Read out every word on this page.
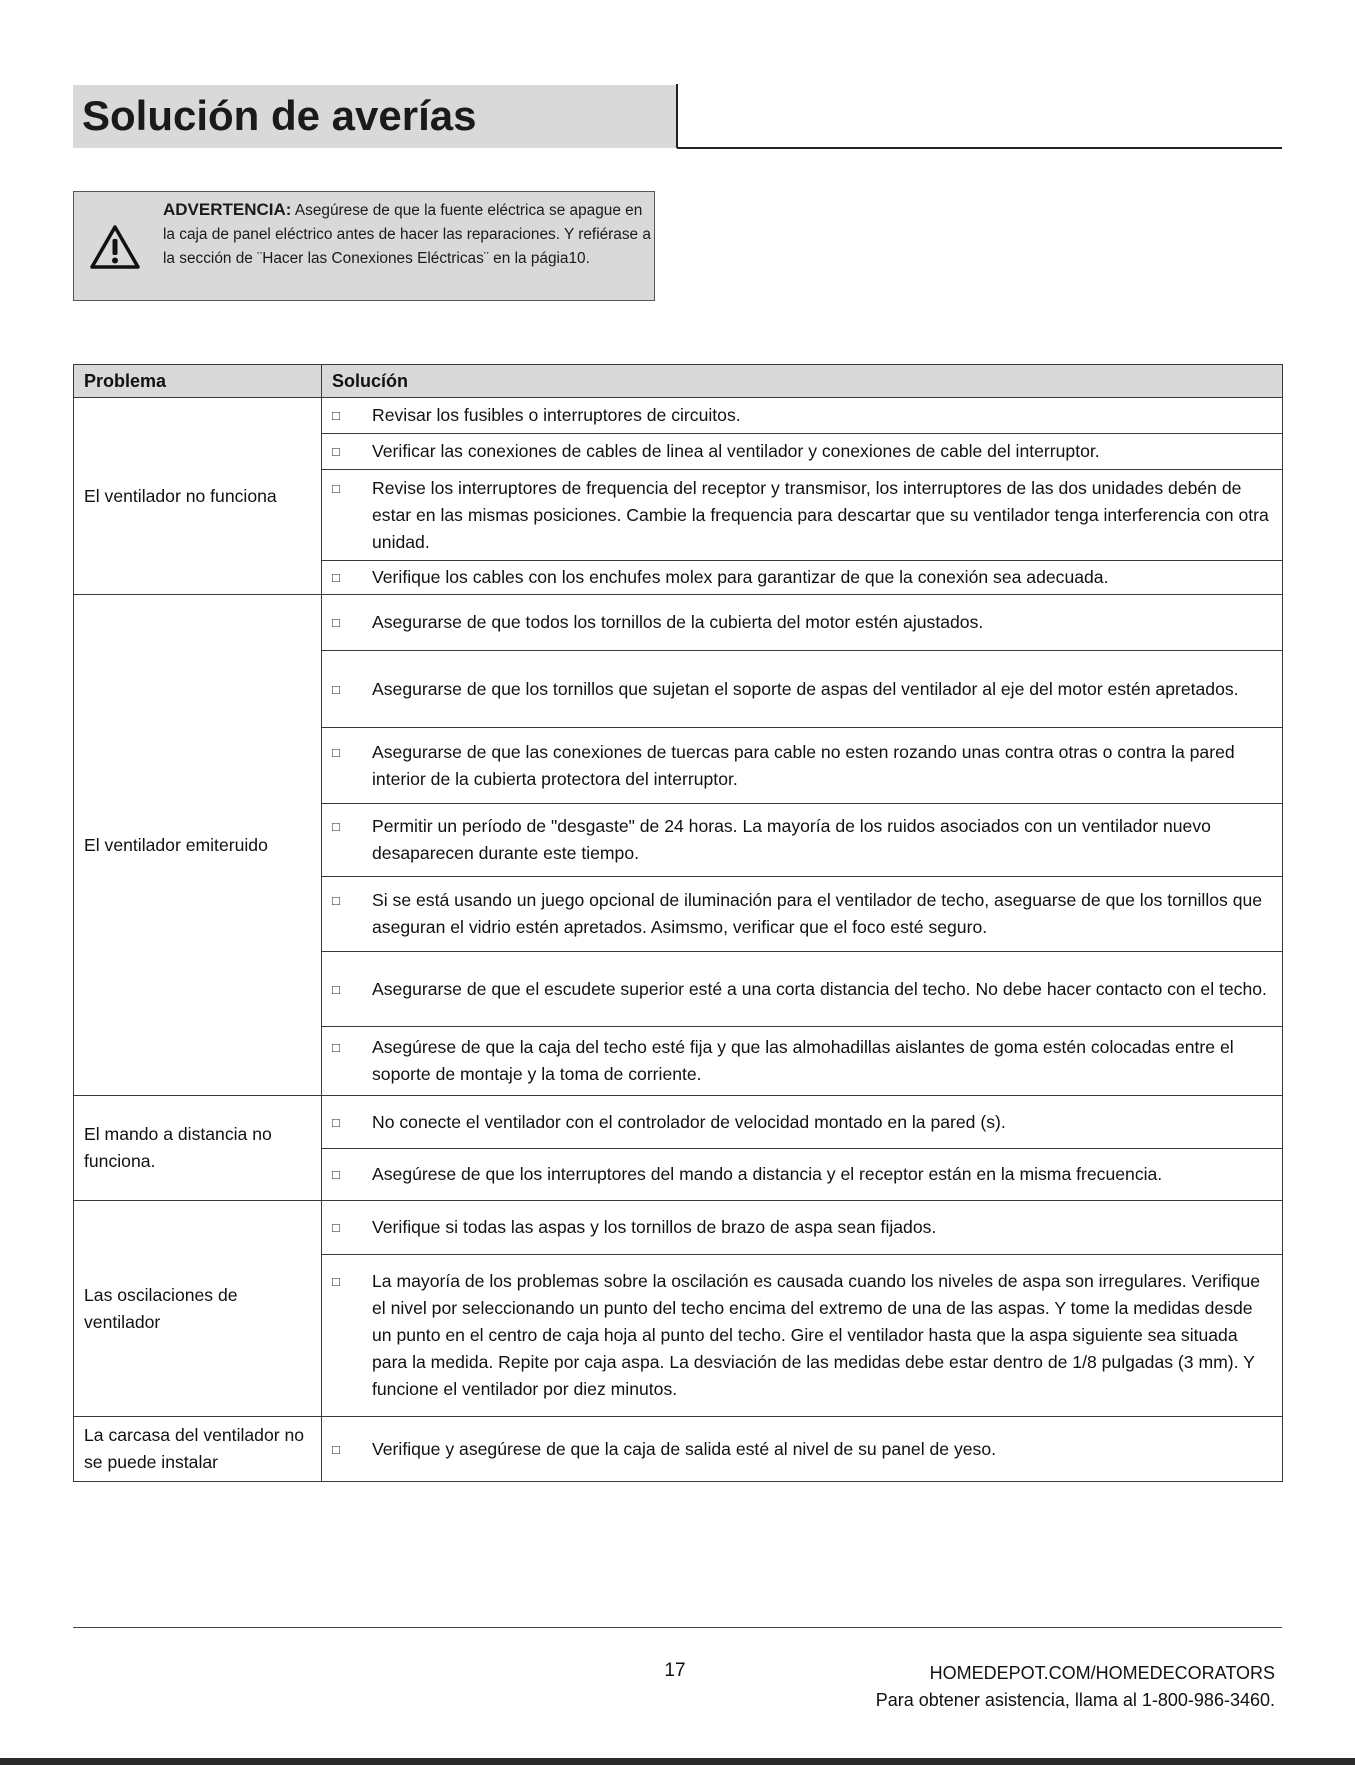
Solución de averías
ADVERTENCIA: Asegúrese de que la fuente eléctrica se apague en la caja de panel eléctrico antes de hacer las reparaciones. Y refiérase a la sección de ¨Hacer las Conexiones Eléctricas¨ en la págia10.
Problema	Solucíón
El ventilador no funciona	□ Revisar los fusibles o interruptores de circuitos.

	□ Verificar las conexiones de cables de linea al ventilador y conexiones de cable del interruptor.

	□ Revise los interruptores de frequencia del receptor y transmisor, los interruptores de las dos unidades debén de estar en las mismas posiciones. Cambie la frequencia para descartar que su ventilador tenga interferencia con otra unidad.

	□ Verifique los cables con los enchufes molex para garantizar de que la conexión sea adecuada.

El ventilador emiteruido	□ Asegurarse de que todos los tornillos de la cubierta del motor estén ajustados.

	□ Asegurarse de que los tornillos que sujetan el soporte de aspas del ventilador al eje del motor estén apretados.

	□ Asegurarse de que las conexiones de tuercas para cable no esten rozando unas contra otras o contra la pared interior de la cubierta protectora del interruptor.

	□ Permitir un período de "desgaste" de 24 horas. La mayoría de los ruidos asociados con un ventilador nuevo desaparecen durante este tiempo.

	□ Si se está usando un juego opcional de iluminación para el ventilador de techo, aseguarse de que los tornillos que aseguran el vidrio estén apretados. Asimsmo, verificar que el foco esté seguro.

	□ Asegurarse de que el escudete superior esté a una corta distancia del techo. No debe hacer contacto con el techo.

	□ Asegúrese de que la caja del techo esté fija y que las almohadillas aislantes de goma estén colocadas entre el soporte de montaje y la toma de corriente.

El mando a distancia no funciona.	□ No conecte el ventilador con el controlador de velocidad montado en la pared (s).

	□ Asegúrese de que los interruptores del mando a distancia y el receptor están en la misma frecuencia.

Las oscilaciones de ventilador	□ Verifique si todas las aspas y los tornillos de brazo de aspa sean fijados.

	□ La mayoría de los problemas sobre la oscilación es causada cuando los niveles de aspa son irregulares. Verifique el nivel por seleccionando un punto del techo encima del extremo de una de las aspas. Y tome la medidas desde un punto en el centro de caja hoja al punto del techo. Gire el ventilador hasta que la aspa siguiente sea situada para la medida. Repite por caja aspa. La desviación de las medidas debe estar dentro de 1/8 pulgadas (3 mm). Y funcione el ventilador por diez minutos.

La carcasa del ventilador no se puede instalar	□ Verifique y asegúrese de que la caja de salida esté al nivel de su panel de yeso.
17	HOMEDEPOT.COM/HOMEDECORATORS
Para obtener asistencia, llama al 1-800-986-3460.
